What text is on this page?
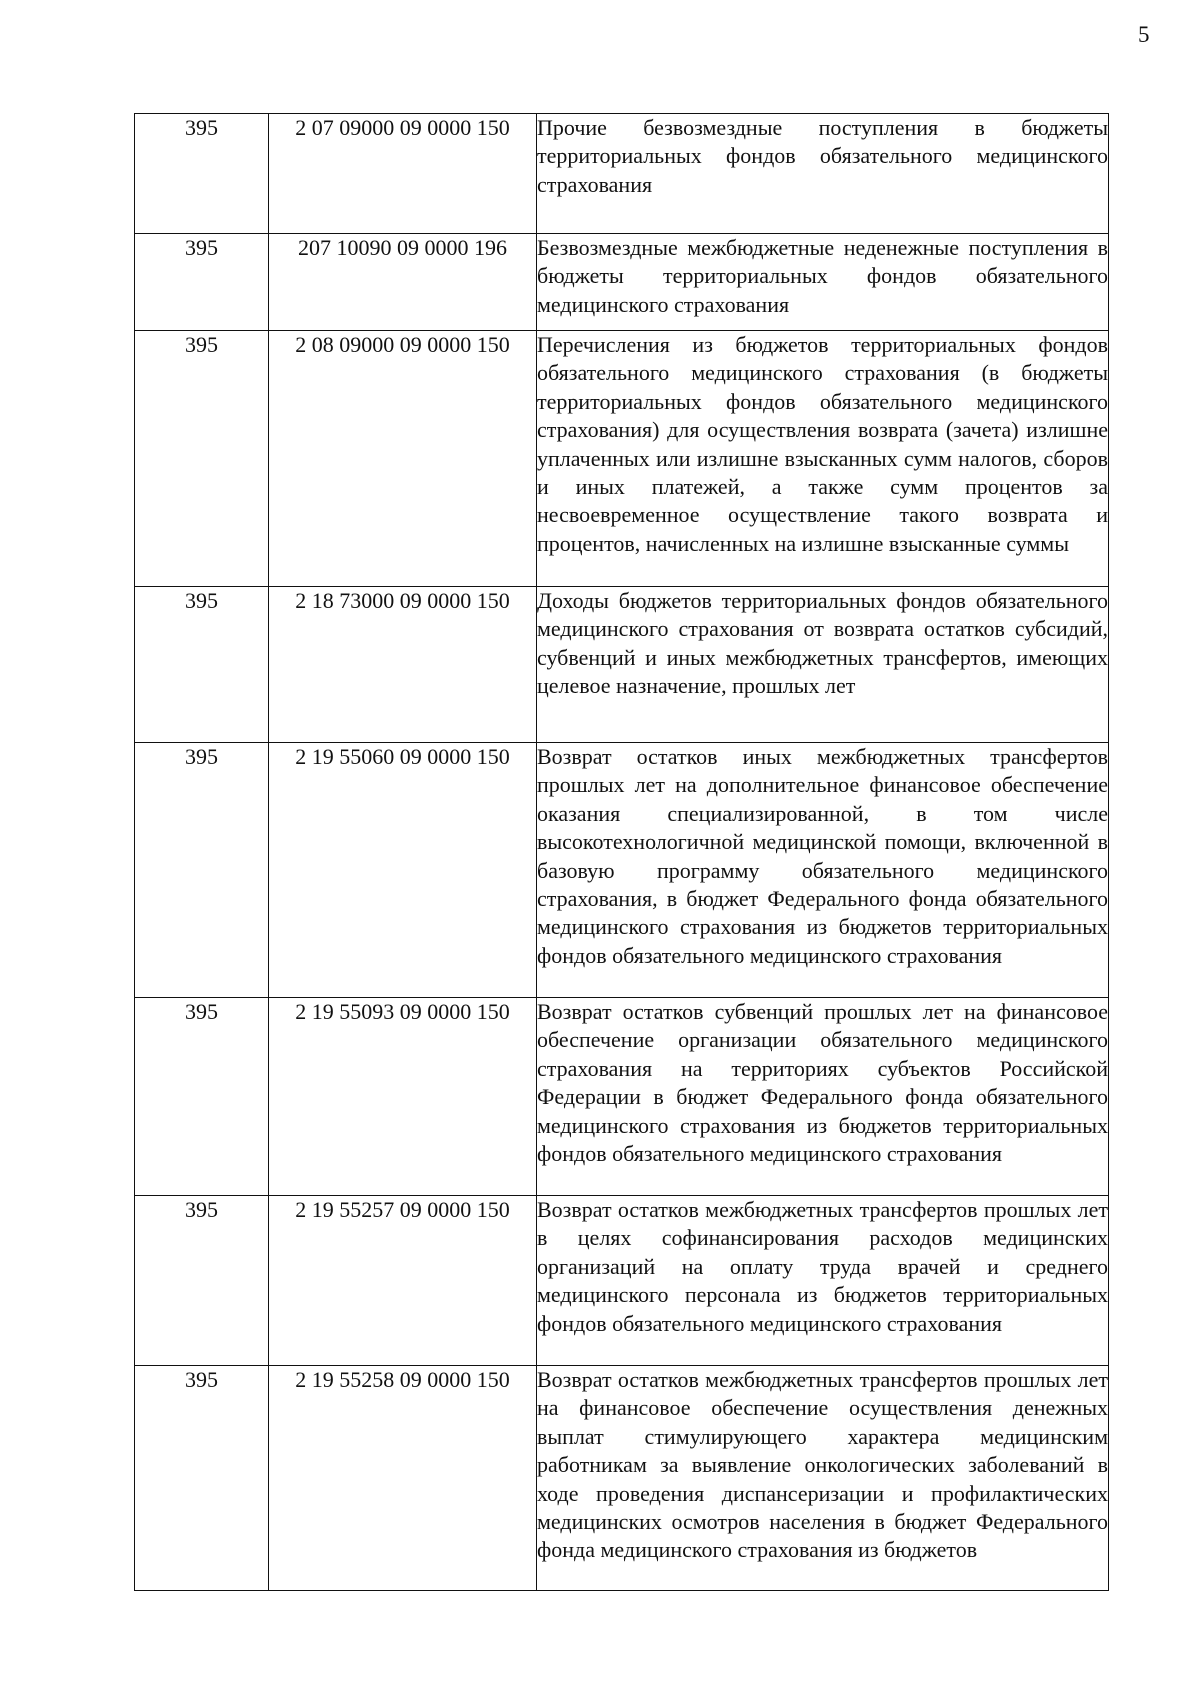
5
395	2 07 09000 09 0000 150	Прочие безвозмездные поступления в бюджеты территориальных фондов обязательного медицинского страхования
395	207 10090 09 0000 196	Безвозмездные межбюджетные неденежные поступления в бюджеты территориальных фондов обязательного медицинского страхования
395	2 08 09000 09 0000 150	Перечисления из бюджетов территориальных фондов обязательного медицинского страхования (в бюджеты территориальных фондов обязательного медицинского страхования) для осуществления возврата (зачета) излишне уплаченных или излишне взысканных сумм налогов, сборов и иных платежей, а также сумм процентов за несвоевременное осуществление такого возврата и процентов, начисленных на излишне взысканные суммы
395	2 18 73000 09 0000 150	Доходы бюджетов территориальных фондов обязательного медицинского страхования от возврата остатков субсидий, субвенций и иных межбюджетных трансфертов, имеющих целевое назначение, прошлых лет
395	2 19 55060 09 0000 150	Возврат остатков иных межбюджетных трансфертов прошлых лет на дополнительное финансовое обеспечение оказания специализированной, в том числе высокотехнологичной медицинской помощи, включенной в базовую программу обязательного медицинского страхования, в бюджет Федерального фонда обязательного медицинского страхования из бюджетов территориальных фондов обязательного медицинского страхования
395	2 19 55093 09 0000 150	Возврат остатков субвенций прошлых лет на финансовое обеспечение организации обязательного медицинского страхования на территориях субъектов Российской Федерации в бюджет Федерального фонда обязательного медицинского страхования из бюджетов территориальных фондов обязательного медицинского страхования
395	2 19 55257 09 0000 150	Возврат остатков межбюджетных трансфертов прошлых лет в целях софинансирования расходов медицинских организаций на оплату труда врачей и среднего медицинского персонала из бюджетов территориальных фондов обязательного медицинского страхования
395	2 19 55258 09 0000 150	Возврат остатков межбюджетных трансфертов прошлых лет на финансовое обеспечение осуществления денежных выплат стимулирующего характера медицинским работникам за выявление онкологических заболеваний в ходе проведения диспансеризации и профилактических медицинских осмотров населения в бюджет Федерального фонда медицинского страхования из бюджетов
